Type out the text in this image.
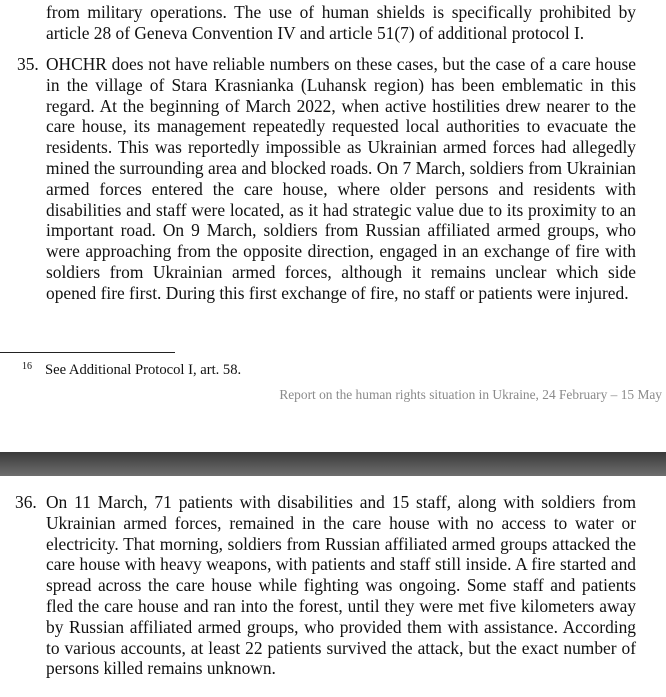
from military operations. The use of human shields is specifically prohibited by article 28 of Geneva Convention IV and article 51(7) of additional protocol I.
35. OHCHR does not have reliable numbers on these cases, but the case of a care house in the village of Stara Krasnianka (Luhansk region) has been emblematic in this regard. At the beginning of March 2022, when active hostilities drew nearer to the care house, its management repeatedly requested local authorities to evacuate the residents. This was reportedly impossible as Ukrainian armed forces had allegedly mined the surrounding area and blocked roads. On 7 March, soldiers from Ukrainian armed forces entered the care house, where older persons and residents with disabilities and staff were located, as it had strategic value due to its proximity to an important road. On 9 March, soldiers from Russian affiliated armed groups, who were approaching from the opposite direction, engaged in an exchange of fire with soldiers from Ukrainian armed forces, although it remains unclear which side opened fire first. During this first exchange of fire, no staff or patients were injured.
$^{16}$ See Additional Protocol I, art. 58.
Report on the human rights situation in Ukraine, 24 February – 15 May
36. On 11 March, 71 patients with disabilities and 15 staff, along with soldiers from Ukrainian armed forces, remained in the care house with no access to water or electricity. That morning, soldiers from Russian affiliated armed groups attacked the care house with heavy weapons, with patients and staff still inside. A fire started and spread across the care house while fighting was ongoing. Some staff and patients fled the care house and ran into the forest, until they were met five kilometers away by Russian affiliated armed groups, who provided them with assistance. According to various accounts, at least 22 patients survived the attack, but the exact number of persons killed remains unknown.
